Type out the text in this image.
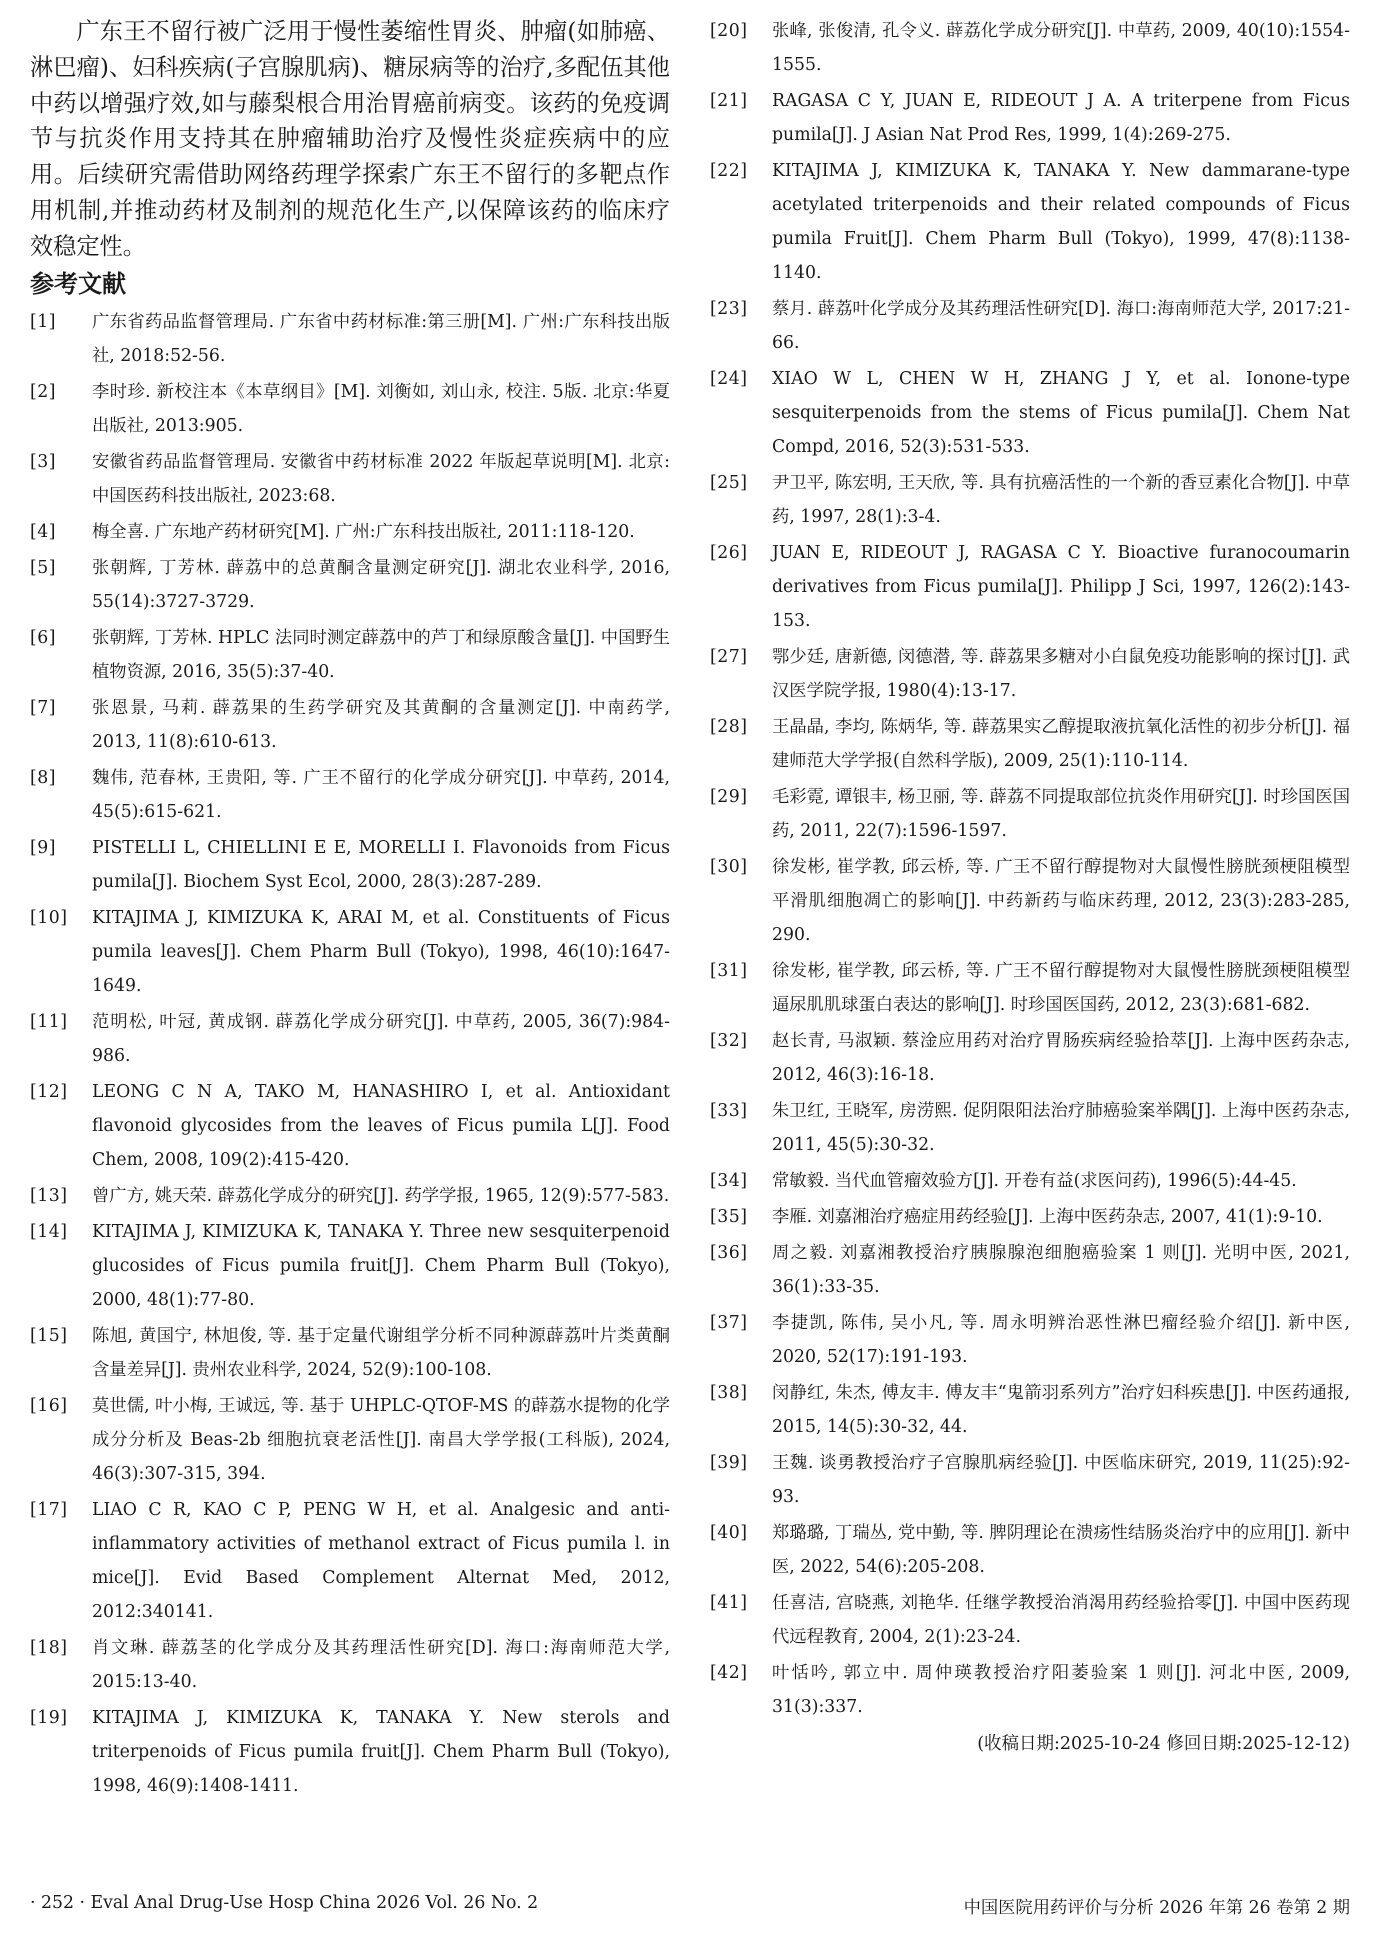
广东王不留行被广泛用于慢性萎缩性胃炎、肿瘤(如肺癌、淋巴瘤)、妇科疾病(子宫腺肌病)、糖尿病等的治疗,多配伍其他中药以增强疗效,如与藤梨根合用治胃癌前病变。该药的免疫调节与抗炎作用支持其在肿瘤辅助治疗及慢性炎症疾病中的应用。后续研究需借助网络药理学探索广东王不留行的多靶点作用机制,并推动药材及制剂的规范化生产,以保障该药的临床疗效稳定性。

参考文献
[1]	广东省药品监督管理局. 广东省中药材标准:第三册[M]. 广州:广东科技出版社, 2018:52-56.
[2]	李时珍. 新校注本《本草纲目》[M]. 刘衡如, 刘山永, 校注. 5版. 北京:华夏出版社, 2013:905.
[3]	安徽省药品监督管理局. 安徽省中药材标准 2022 年版起草说明[M]. 北京:中国医药科技出版社, 2023:68.
[4]	梅全喜. 广东地产药材研究[M]. 广州:广东科技出版社, 2011:118-120.
[5]	张朝辉, 丁芳林. 薜荔中的总黄酮含量测定研究[J]. 湖北农业科学, 2016, 55(14):3727-3729.
[6]	张朝辉, 丁芳林. HPLC 法同时测定薜荔中的芦丁和绿原酸含量[J]. 中国野生植物资源, 2016, 35(5):37-40.
[7]	张恩景, 马莉. 薜荔果的生药学研究及其黄酮的含量测定[J]. 中南药学, 2013, 11(8):610-613.
[8]	魏伟, 范春林, 王贵阳, 等. 广王不留行的化学成分研究[J]. 中草药, 2014, 45(5):615-621.
[9]	PISTELLI L, CHIELLINI E E, MORELLI I. Flavonoids from Ficus pumila[J]. Biochem Syst Ecol, 2000, 28(3):287-289.
[10]	KITAJIMA J, KIMIZUKA K, ARAI M, et al. Constituents of Ficus pumila leaves[J]. Chem Pharm Bull (Tokyo), 1998, 46(10):1647-1649.
[11]	范明松, 叶冠, 黄成钢. 薜荔化学成分研究[J]. 中草药, 2005, 36(7):984-986.
[12]	LEONG C N A, TAKO M, HANASHIRO I, et al. Antioxidant flavonoid glycosides from the leaves of Ficus pumila L[J]. Food Chem, 2008, 109(2):415-420.
[13]	曾广方, 姚天荣. 薜荔化学成分的研究[J]. 药学学报, 1965, 12(9):577-583.
[14]	KITAJIMA J, KIMIZUKA K, TANAKA Y. Three new sesquiterpenoid glucosides of Ficus pumila fruit[J]. Chem Pharm Bull (Tokyo), 2000, 48(1):77-80.
[15]	陈旭, 黄国宁, 林旭俊, 等. 基于定量代谢组学分析不同种源薜荔叶片类黄酮含量差异[J]. 贵州农业科学, 2024, 52(9):100-108.
[16]	莫世儒, 叶小梅, 王诚远, 等. 基于 UHPLC-QTOF-MS 的薜荔水提物的化学成分分析及 Beas-2b 细胞抗衰老活性[J]. 南昌大学学报(工科版), 2024, 46(3):307-315, 394.
[17]	LIAO C R, KAO C P, PENG W H, et al. Analgesic and anti-inflammatory activities of methanol extract of Ficus pumila l. in mice[J]. Evid Based Complement Alternat Med, 2012, 2012:340141.
[18]	肖文琳. 薜荔茎的化学成分及其药理活性研究[D]. 海口:海南师范大学, 2015:13-40.
[19]	KITAJIMA J, KIMIZUKA K, TANAKA Y. New sterols and triterpenoids of Ficus pumila fruit[J]. Chem Pharm Bull (Tokyo), 1998, 46(9):1408-1411.
[20]	张峰, 张俊清, 孔令义. 薜荔化学成分研究[J]. 中草药, 2009, 40(10):1554-1555.
[21]	RAGASA C Y, JUAN E, RIDEOUT J A. A triterpene from Ficus pumila[J]. J Asian Nat Prod Res, 1999, 1(4):269-275.
[22]	KITAJIMA J, KIMIZUKA K, TANAKA Y. New dammarane-type acetylated triterpenoids and their related compounds of Ficus pumila Fruit[J]. Chem Pharm Bull (Tokyo), 1999, 47(8):1138-1140.
[23]	蔡月. 薜荔叶化学成分及其药理活性研究[D]. 海口:海南师范大学, 2017:21-66.
[24]	XIAO W L, CHEN W H, ZHANG J Y, et al. Ionone-type sesquiterpenoids from the stems of Ficus pumila[J]. Chem Nat Compd, 2016, 52(3):531-533.
[25]	尹卫平, 陈宏明, 王天欣, 等. 具有抗癌活性的一个新的香豆素化合物[J]. 中草药, 1997, 28(1):3-4.
[26]	JUAN E, RIDEOUT J, RAGASA C Y. Bioactive furanocoumarin derivatives from Ficus pumila[J]. Philipp J Sci, 1997, 126(2):143-153.
[27]	鄂少廷, 唐新德, 闵德潜, 等. 薜荔果多糖对小白鼠免疫功能影响的探讨[J]. 武汉医学院学报, 1980(4):13-17.
[28]	王晶晶, 李均, 陈炳华, 等. 薜荔果实乙醇提取液抗氧化活性的初步分析[J]. 福建师范大学学报(自然科学版), 2009, 25(1):110-114.
[29]	毛彩霓, 谭银丰, 杨卫丽, 等. 薜荔不同提取部位抗炎作用研究[J]. 时珍国医国药, 2011, 22(7):1596-1597.
[30]	徐发彬, 崔学教, 邱云桥, 等. 广王不留行醇提物对大鼠慢性膀胱颈梗阻模型平滑肌细胞凋亡的影响[J]. 中药新药与临床药理, 2012, 23(3):283-285, 290.
[31]	徐发彬, 崔学教, 邱云桥, 等. 广王不留行醇提物对大鼠慢性膀胱颈梗阻模型逼尿肌肌球蛋白表达的影响[J]. 时珍国医国药, 2012, 23(3):681-682.
[32]	赵长青, 马淑颖. 蔡淦应用药对治疗胃肠疾病经验拾萃[J]. 上海中医药杂志, 2012, 46(3):16-18.
[33]	朱卫红, 王晓军, 房涝熙. 促阴限阳法治疗肺癌验案举隅[J]. 上海中医药杂志, 2011, 45(5):30-32.
[34]	常敏毅. 当代血管瘤效验方[J]. 开卷有益(求医问药), 1996(5):44-45.
[35]	李雁. 刘嘉湘治疗癌症用药经验[J]. 上海中医药杂志, 2007, 41(1):9-10.
[36]	周之毅. 刘嘉湘教授治疗胰腺腺泡细胞癌验案 1 则[J]. 光明中医, 2021, 36(1):33-35.
[37]	李捷凯, 陈伟, 吴小凡, 等. 周永明辨治恶性淋巴瘤经验介绍[J]. 新中医, 2020, 52(17):191-193.
[38]	闵静红, 朱杰, 傅友丰. 傅友丰“鬼箭羽系列方”治疗妇科疾患[J]. 中医药通报, 2015, 14(5):30-32, 44.
[39]	王魏. 谈勇教授治疗子宫腺肌病经验[J]. 中医临床研究, 2019, 11(25):92-93.
[40]	郑璐璐, 丁瑞丛, 党中勤, 等. 脾阴理论在溃疡性结肠炎治疗中的应用[J]. 新中医, 2022, 54(6):205-208.
[41]	任喜洁, 宫晓燕, 刘艳华. 任继学教授治消渴用药经验拾零[J]. 中国中医药现代远程教育, 2004, 2(1):23-24.
[42]	叶恬吟, 郭立中. 周仲瑛教授治疗阳萎验案 1 则[J]. 河北中医, 2009, 31(3):337.
(收稿日期:2025-10-24 修回日期:2025-12-12)
· 252 · Eval Anal Drug-Use Hosp China 2026 Vol. 26 No. 2	中国医院用药评价与分析 2026 年第 26 卷第 2 期
